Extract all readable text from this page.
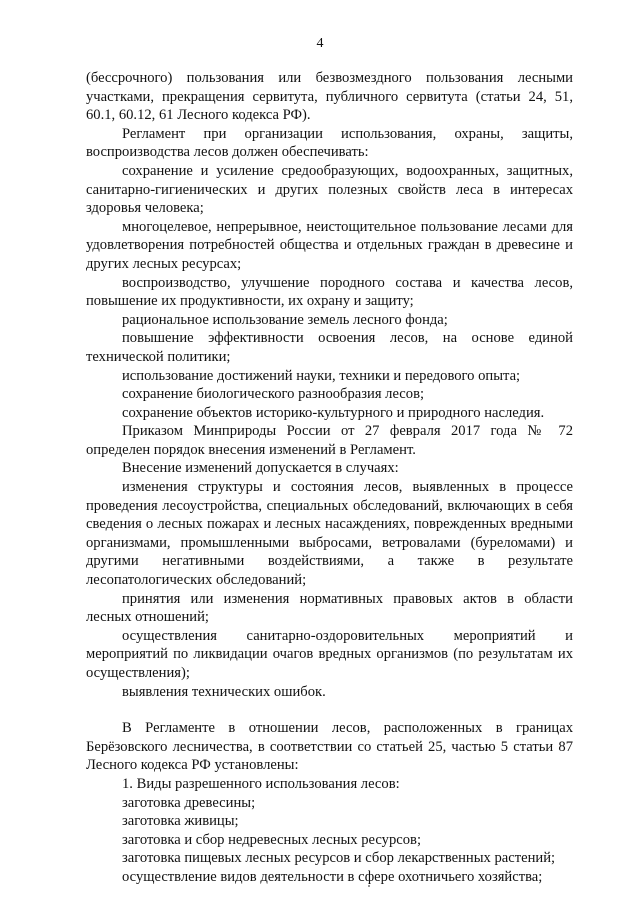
4

(бессрочного) пользования или безвозмездного пользования лесными участками, прекращения сервитута, публичного сервитута (статьи 24, 51, 60.1, 60.12, 61 Лесного кодекса РФ).

Регламент при организации использования, охраны, защиты, воспроизводства лесов должен обеспечивать:

сохранение и усиление средообразующих, водоохранных, защитных, санитарно-гигиенических и других полезных свойств леса в интересах здоровья человека;

многоцелевое, непрерывное, неистощительное пользование лесами для удовлетворения потребностей общества и отдельных граждан в древесине и других лесных ресурсах;

воспроизводство, улучшение породного состава и качества лесов, повышение их продуктивности, их охрану и защиту;

рациональное использование земель лесного фонда;

повышение эффективности освоения лесов, на основе единой технической политики;

использование достижений науки, техники и передового опыта;

сохранение биологического разнообразия лесов;

сохранение объектов историко-культурного и природного наследия.

Приказом Минприроды России от 27 февраля 2017 года № 72 определен порядок внесения изменений в Регламент.

Внесение изменений допускается в случаях:

изменения структуры и состояния лесов, выявленных в процессе проведения лесоустройства, специальных обследований, включающих в себя сведения о лесных пожарах и лесных насаждениях, поврежденных вредными организмами, промышленными выбросами, ветровалами (буреломами) и другими негативными воздействиями, а также в результате лесопатологических обследований;

принятия или изменения нормативных правовых актов в области лесных отношений;

осуществления санитарно-оздоровительных мероприятий и мероприятий по ликвидации очагов вредных организмов (по результатам их осуществления);

выявления технических ошибок.

В Регламенте в отношении лесов, расположенных в границах Берёзовского лесничества, в соответствии со статьей 25, частью 5 статьи 87 Лесного кодекса РФ установлены:

1. Виды разрешенного использования лесов:

заготовка древесины;

заготовка живицы;

заготовка и сбор недревесных лесных ресурсов;

заготовка пищевых лесных ресурсов и сбор лекарственных растений;

осуществление видов деятельности в сфере охотничьего хозяйства;
